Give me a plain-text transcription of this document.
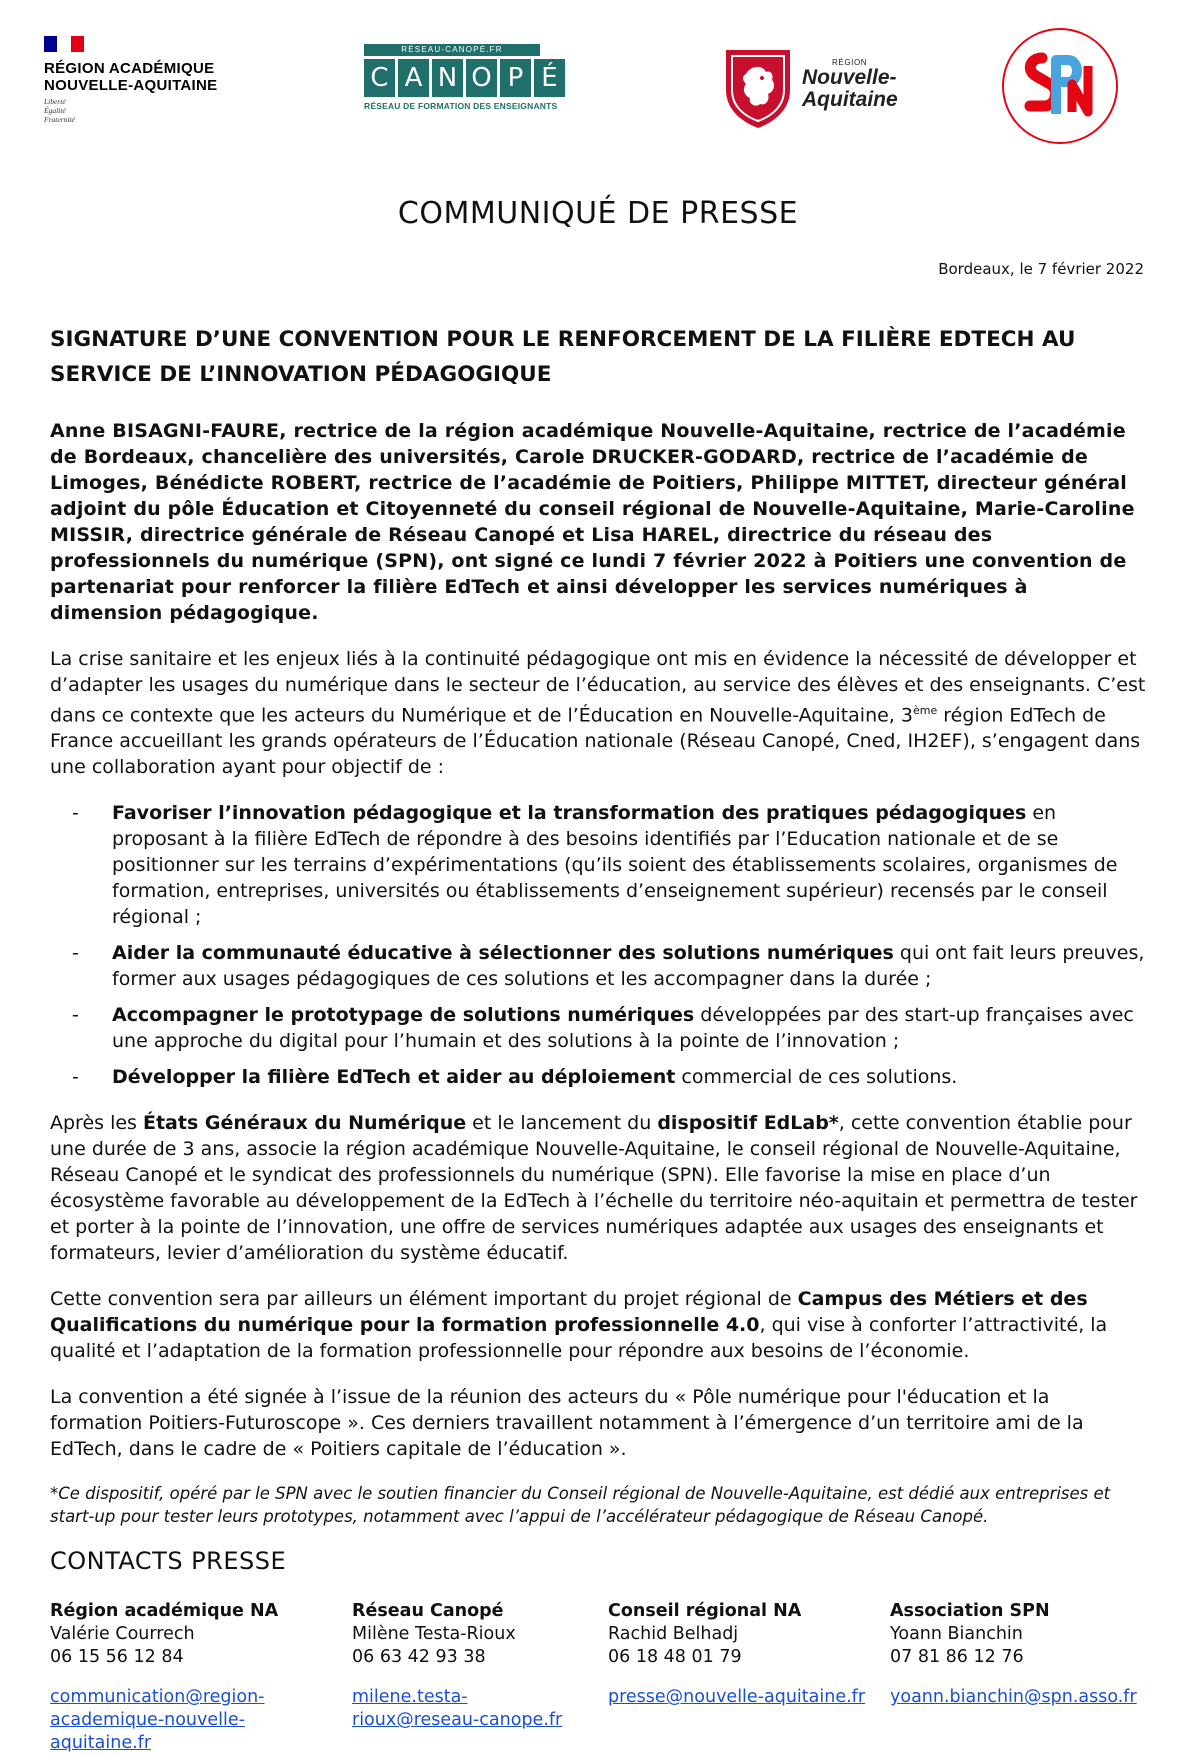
RÉGION ACADÉMIQUE
NOUVELLE-AQUITAINE
Liberté
Égalité
Fraternité
RÉSEAU-CANOPÉ.FR
C A N O P É
RÉSEAU DE FORMATION DES ENSEIGNANTS
RÉGION
Nouvelle-
Aquitaine
COMMUNIQUÉ DE PRESSE
Bordeaux, le 7 février 2022
SIGNATURE D’UNE CONVENTION POUR LE RENFORCEMENT DE LA FILIÈRE EDTECH AU SERVICE DE L’INNOVATION PÉDAGOGIQUE

Anne BISAGNI-FAURE, rectrice de la région académique Nouvelle-Aquitaine, rectrice de l’académie de Bordeaux, chancelière des universités, Carole DRUCKER-GODARD, rectrice de l’académie de Limoges, Bénédicte ROBERT, rectrice de l’académie de Poitiers, Philippe MITTET, directeur général adjoint du pôle Éducation et Citoyenneté du conseil régional de Nouvelle-Aquitaine, Marie-Caroline MISSIR, directrice générale de Réseau Canopé et Lisa HAREL, directrice du réseau des professionnels du numérique (SPN), ont signé ce lundi 7 février 2022 à Poitiers une convention de partenariat pour renforcer la filière EdTech et ainsi développer les services numériques à dimension pédagogique.

La crise sanitaire et les enjeux liés à la continuité pédagogique ont mis en évidence la nécessité de développer et d’adapter les usages du numérique dans le secteur de l’éducation, au service des élèves et des enseignants. C’est dans ce contexte que les acteurs du Numérique et de l’Éducation en Nouvelle-Aquitaine, 3ème région EdTech de France accueillant les grands opérateurs de l’Éducation nationale (Réseau Canopé, Cned, IH2EF), s’engagent dans une collaboration ayant pour objectif de :

- Favoriser l’innovation pédagogique et la transformation des pratiques pédagogiques en proposant à la filière EdTech de répondre à des besoins identifiés par l’Education nationale et de se positionner sur les terrains d’expérimentations (qu’ils soient des établissements scolaires, organismes de formation, entreprises, universités ou établissements d’enseignement supérieur) recensés par le conseil régional ;
- Aider la communauté éducative à sélectionner des solutions numériques qui ont fait leurs preuves, former aux usages pédagogiques de ces solutions et les accompagner dans la durée ;
- Accompagner le prototypage de solutions numériques développées par des start-up françaises avec une approche du digital pour l’humain et des solutions à la pointe de l’innovation ;
- Développer la filière EdTech et aider au déploiement commercial de ces solutions.

Après les États Généraux du Numérique et le lancement du dispositif EdLab*, cette convention établie pour une durée de 3 ans, associe la région académique Nouvelle-Aquitaine, le conseil régional de Nouvelle-Aquitaine, Réseau Canopé et le syndicat des professionnels du numérique (SPN). Elle favorise la mise en place d’un écosystème favorable au développement de la EdTech à l’échelle du territoire néo-aquitain et permettra de tester et porter à la pointe de l’innovation, une offre de services numériques adaptée aux usages des enseignants et formateurs, levier d’amélioration du système éducatif.

Cette convention sera par ailleurs un élément important du projet régional de Campus des Métiers et des Qualifications du numérique pour la formation professionnelle 4.0, qui vise à conforter l’attractivité, la qualité et l’adaptation de la formation professionnelle pour répondre aux besoins de l’économie.

La convention a été signée à l’issue de la réunion des acteurs du « Pôle numérique pour l'éducation et la formation Poitiers-Futuroscope ». Ces derniers travaillent notamment à l’émergence d’un territoire ami de la EdTech, dans le cadre de « Poitiers capitale de l’éducation ».

*Ce dispositif, opéré par le SPN avec le soutien financier du Conseil régional de Nouvelle-Aquitaine, est dédié aux entreprises et start-up pour tester leurs prototypes, notamment avec l’appui de l’accélérateur pédagogique de Réseau Canopé.

CONTACTS PRESSE
Région académique NA
Valérie Courrech
06 15 56 12 84
communication@region-academique-nouvelle-aquitaine.fr
Réseau Canopé
Milène Testa-Rioux
06 63 42 93 38
milene.testa-rioux@reseau-canope.fr
Conseil régional NA
Rachid Belhadj
06 18 48 01 79
presse@nouvelle-aquitaine.fr
Association SPN
Yoann Bianchin
07 81 86 12 76
yoann.bianchin@spn.asso.fr
